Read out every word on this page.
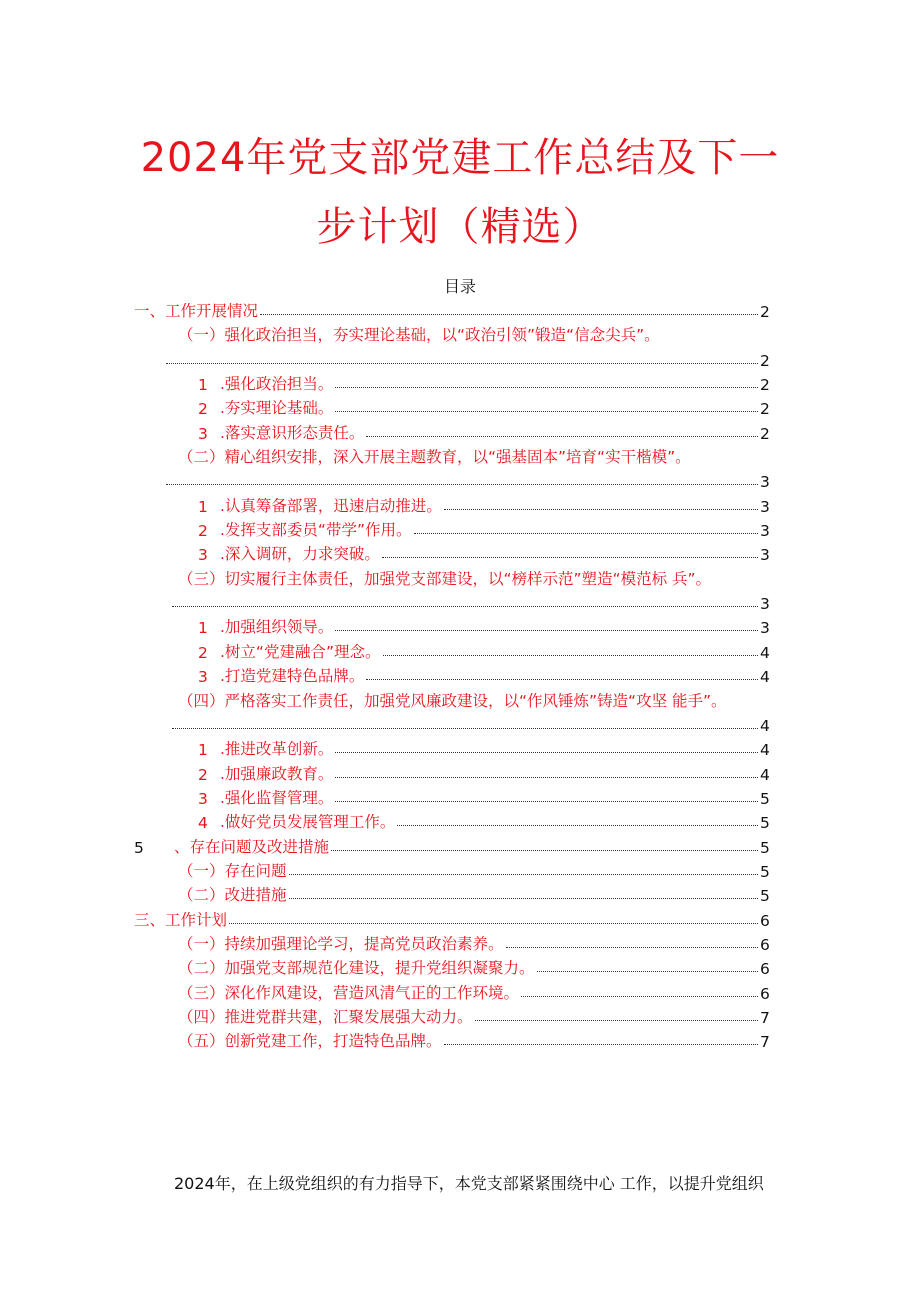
2024年党支部党建工作总结及下一
步计划（精选）
目录
一、工作开展情况	2
（一）强化政治担当，夯实理论基础，以“政治引领”锻造“信念尖兵”。
2
1 .强化政治担当。	2
2 .夯实理论基础。	2
3 .落实意识形态责任。	2
（二）精心组织安排，深入开展主题教育，以“强基固本”培育“实干楷模”。
3
1 .认真筹备部署，迅速启动推进。	3
2 .发挥支部委员“带学”作用。	3
3 .深入调研，力求突破。	3
（三）切实履行主体责任，加强党支部建设，以“榜样示范”塑造“模范标 兵”。
3
1 .加强组织领导。	3
2 .树立“党建融合”理念。	4
3 .打造党建特色品牌。	4
（四）严格落实工作责任，加强党风廉政建设，以“作风锤炼”铸造“攻坚 能手”。
4
1 .推进改革创新。	4
2 .加强廉政教育。	4
3 .强化监督管理。	5
4 .做好党员发展管理工作。	5
5	、存在问题及改进措施	5
（一）存在问题	5
（二）改进措施	5
三、工作计划	6
（一）持续加强理论学习，提高党员政治素养。	6
（二）加强党支部规范化建设，提升党组织凝聚力。	6
（三）深化作风建设，营造风清气正的工作环境。	6
（四）推进党群共建，汇聚发展强大动力。	7
（五）创新党建工作，打造特色品牌。	7
2024年，在上级党组织的有力指导下，本党支部紧紧围绕中心 工作，以提升党组织
